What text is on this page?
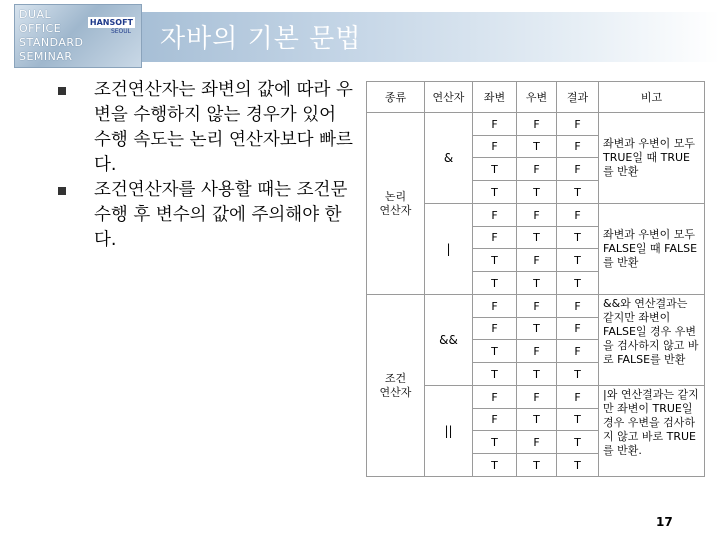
DUAL
OFFICE
STANDARD
SEMINAR
HANSOFT
SEOUL 자바의 기본 문법

조건연산자는 좌변의 값에 따라 우변을 수행하지 않는 경우가 있어 수행 속도는 논리 연산자보다 빠르다.

조건연산자를 사용할 때는 조건문 수행 후 변수의 값에 주의해야 한다.

종류	연산자	좌변	우변	결과	비고
논리
연산자	&	F	F	F	좌변과 우변이 모두 TRUE일 때 TRUE를 반환
		F	T	F	
		T	F	F	
		T	T	T	
	|	F	F	F	좌변과 우변이 모두 FALSE일 때 FALSE를 반환
		F	T	T	
		T	F	T	
		T	T	T	
조건
연산자	&&	F	F	F	&&와 연산결과는 같지만 좌변이 FALSE일 경우 우변을 검사하지 않고 바로 FALSE를 반환
		F	T	F	
		T	F	F	
		T	T	T	
	||	F	F	F	|와 연산결과는 같지만 좌변이 TRUE일 경우 우변을 검사하지 않고 바로 TRUE를 반환.
		F	T	T	
		T	F	T	
		T	T	T	
17
